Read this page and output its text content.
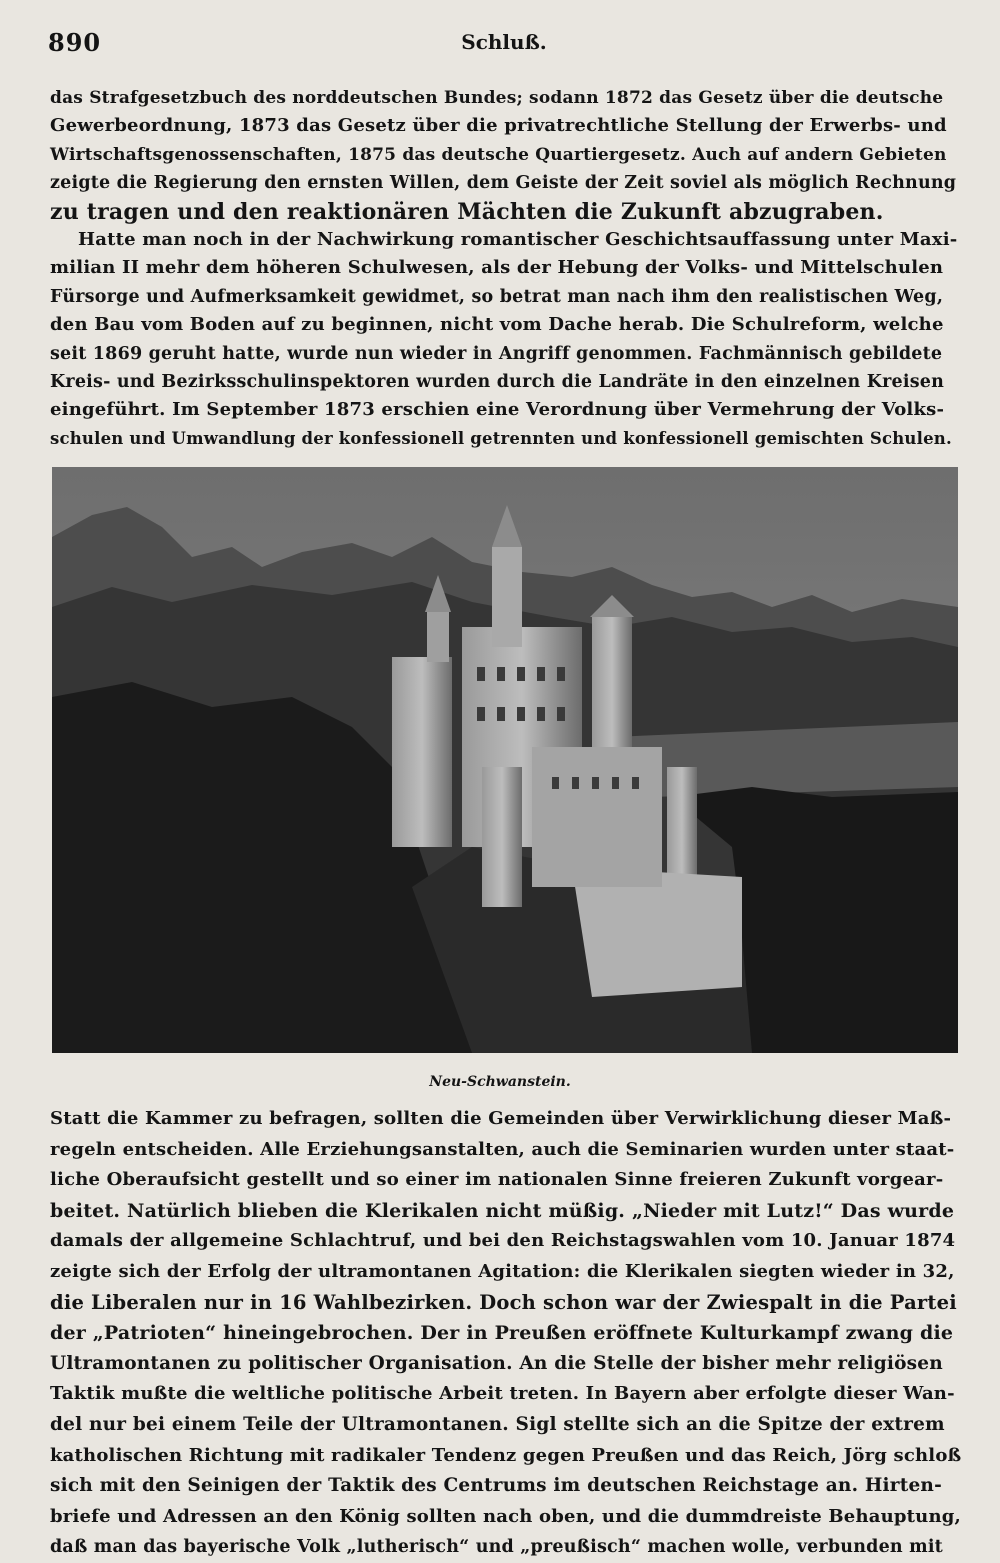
890	Schluß.
das Strafgesetzbuch des norddeutschen Bundes; sodann 1872 das Gesetz über die deutsche
Gewerbeordnung, 1873 das Gesetz über die privatrechtliche Stellung der Erwerbs- und
Wirtschaftsgenossenschaften, 1875 das deutsche Quartiergesetz. Auch auf andern Gebieten
zeigte die Regierung den ernsten Willen, dem Geiste der Zeit soviel als möglich Rechnung
zu tragen und den reaktionären Mächten die Zukunft abzugraben.
Hatte man noch in der Nachwirkung romantischer Geschichtsauffassung unter Maxi-
milian II mehr dem höheren Schulwesen, als der Hebung der Volks- und Mittelschulen
Fürsorge und Aufmerksamkeit gewidmet, so betrat man nach ihm den realistischen Weg,
den Bau vom Boden auf zu beginnen, nicht vom Dache herab. Die Schulreform, welche
seit 1869 geruht hatte, wurde nun wieder in Angriff genommen. Fachmännisch gebildete
Kreis- und Bezirksschulinspektoren wurden durch die Landräte in den einzelnen Kreisen
eingeführt. Im September 1873 erschien eine Verordnung über Vermehrung der Volks-
schulen und Umwandlung der konfessionell getrennten und konfessionell gemischten Schulen.
Neu-Schwanstein.
Statt die Kammer zu befragen, sollten die Gemeinden über Verwirklichung dieser Maß-
regeln entscheiden. Alle Erziehungsanstalten, auch die Seminarien wurden unter staat-
liche Oberaufsicht gestellt und so einer im nationalen Sinne freieren Zukunft vorgear-
beitet. Natürlich blieben die Klerikalen nicht müßig. „Nieder mit Lutz!“ Das wurde
damals der allgemeine Schlachtruf, und bei den Reichstagswahlen vom 10. Januar 1874
zeigte sich der Erfolg der ultramontanen Agitation: die Klerikalen siegten wieder in 32,
die Liberalen nur in 16 Wahlbezirken. Doch schon war der Zwiespalt in die Partei
der „Patrioten“ hineingebrochen. Der in Preußen eröffnete Kulturkampf zwang die
Ultramontanen zu politischer Organisation. An die Stelle der bisher mehr religiösen
Taktik mußte die weltliche politische Arbeit treten. In Bayern aber erfolgte dieser Wan-
del nur bei einem Teile der Ultramontanen. Sigl stellte sich an die Spitze der extrem
katholischen Richtung mit radikaler Tendenz gegen Preußen und das Reich, Jörg schloß
sich mit den Seinigen der Taktik des Centrums im deutschen Reichstage an. Hirten-
briefe und Adressen an den König sollten nach oben, und die dummdreiste Behauptung,
daß man das bayerische Volk „lutherisch“ und „preußisch“ machen wolle, verbunden mit
